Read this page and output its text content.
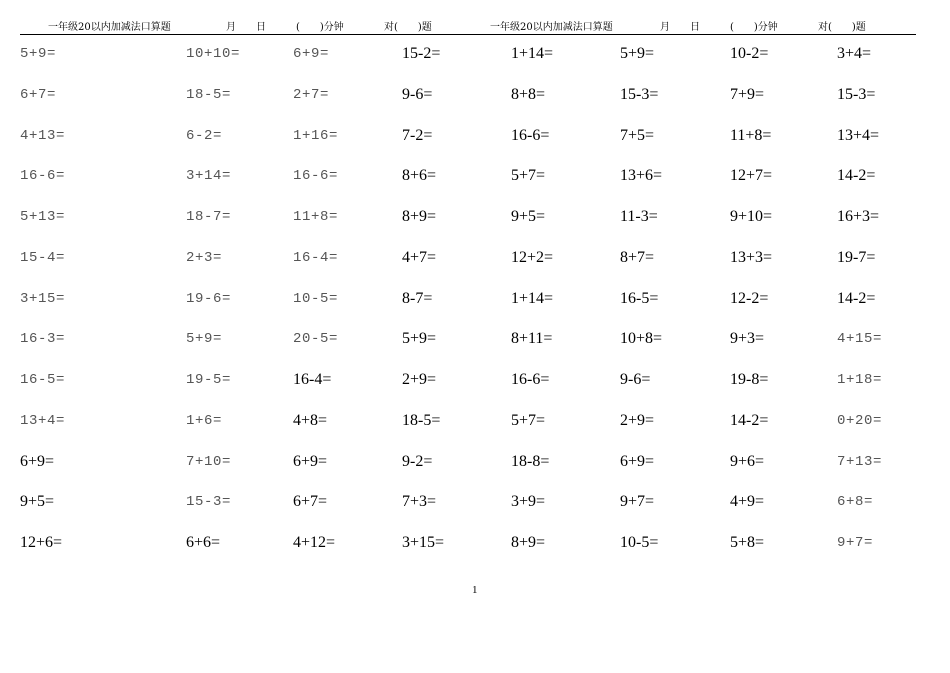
一年级20以内加减法口算题	月 日	(　　)分钟	对(　　)题	一年级20以内加减法口算题	月 日	(　　)分钟	对(　　)题
5+9=	10+10=	6+9=	15-2=	1+14=	5+9=	10-2=	3+4=
6+7=	18-5=	2+7=	9-6=	8+8=	15-3=	7+9=	15-3=
4+13=	6-2=	1+16=	7-2=	16-6=	7+5=	11+8=	13+4=
16-6=	3+14=	16-6=	8+6=	5+7=	13+6=	12+7=	14-2=
5+13=	18-7=	11+8=	8+9=	9+5=	11-3=	9+10=	16+3=
15-4=	2+3=	16-4=	4+7=	12+2=	8+7=	13+3=	19-7=
3+15=	19-6=	10-5=	8-7=	1+14=	16-5=	12-2=	14-2=
16-3=	5+9=	20-5=	5+9=	8+11=	10+8=	9+3=	4+15=
16-5=	19-5=	16-4=	2+9=	16-6=	9-6=	19-8=	1+18=
13+4=	1+6=	4+8=	18-5=	5+7=	2+9=	14-2=	0+20=
6+9=	7+10=	6+9=	9-2=	18-8=	6+9=	9+6=	7+13=
9+5=	15-3=	6+7=	7+3=	3+9=	9+7=	4+9=	6+8=
12+6=	6+6=	4+12=	3+15=	8+9=	10-5=	5+8=	9+7=
1
